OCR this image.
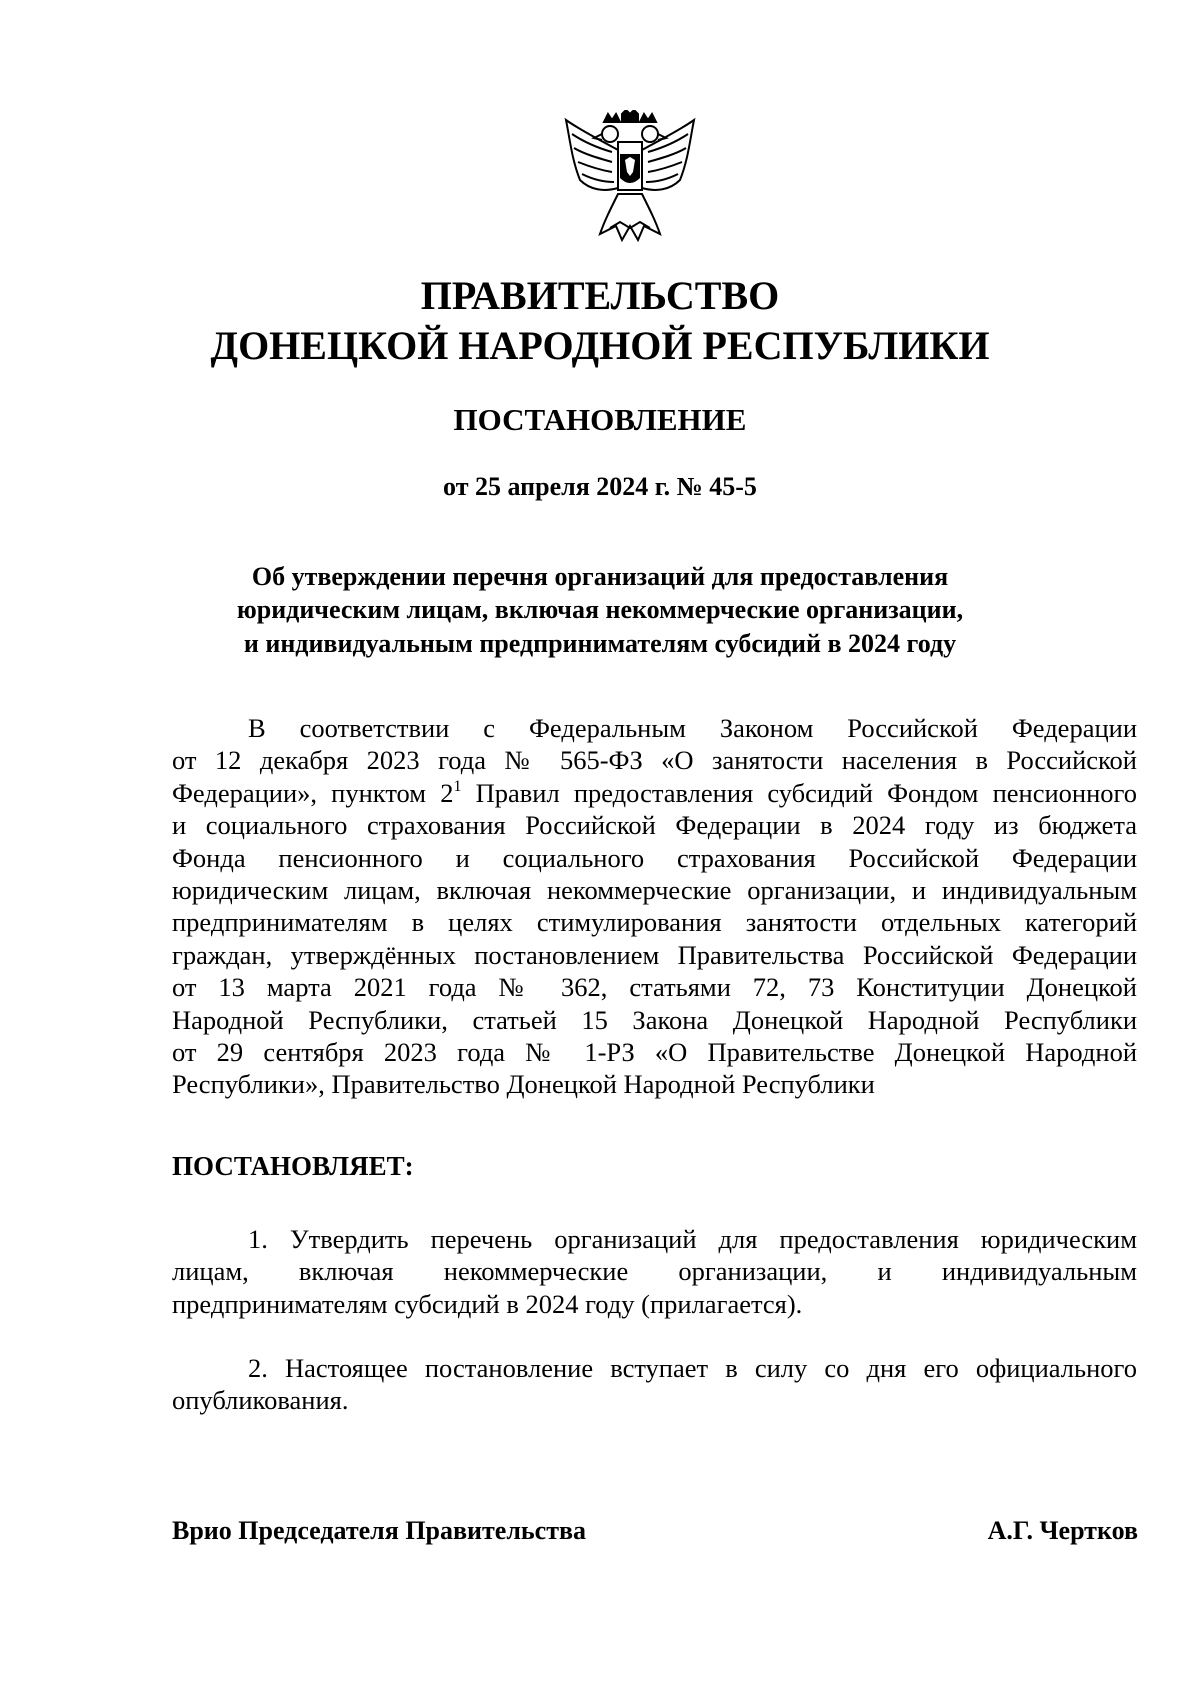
ПРАВИТЕЛЬСТВО
ДОНЕЦКОЙ НАРОДНОЙ РЕСПУБЛИКИ
ПОСТАНОВЛЕНИЕ
от 25 апреля 2024 г. № 45-5
Об утверждении перечня организаций для предоставления
юридическим лицам, включая некоммерческие организации,
и индивидуальным предпринимателям субсидий в 2024 году
В соответствии с Федеральным Законом Российской Федерации
от 12 декабря 2023 года № 565-ФЗ «О занятости населения в Российской
Федерации», пунктом $2^1$ Правил предоставления субсидий Фондом пенсионного
и социального страхования Российской Федерации в 2024 году из бюджета
Фонда пенсионного и социального страхования Российской Федерации
юридическим лицам, включая некоммерческие организации, и индивидуальным
предпринимателям в целях стимулирования занятости отдельных категорий
граждан, утверждённых постановлением Правительства Российской Федерации
от 13 марта 2021 года № 362, статьями 72, 73 Конституции Донецкой
Народной Республики, статьей 15 Закона Донецкой Народной Республики
от 29 сентября 2023 года № 1-РЗ «О Правительстве Донецкой Народной
Республики», Правительство Донецкой Народной Республики
ПОСТАНОВЛЯЕТ:
1. Утвердить перечень организаций для предоставления юридическим
лицам, включая некоммерческие организации, и индивидуальным
предпринимателям субсидий в 2024 году (прилагается).
2. Настоящее постановление вступает в силу со дня его официального
опубликования.
Врио Председателя Правительства	А.Г. Чертков
